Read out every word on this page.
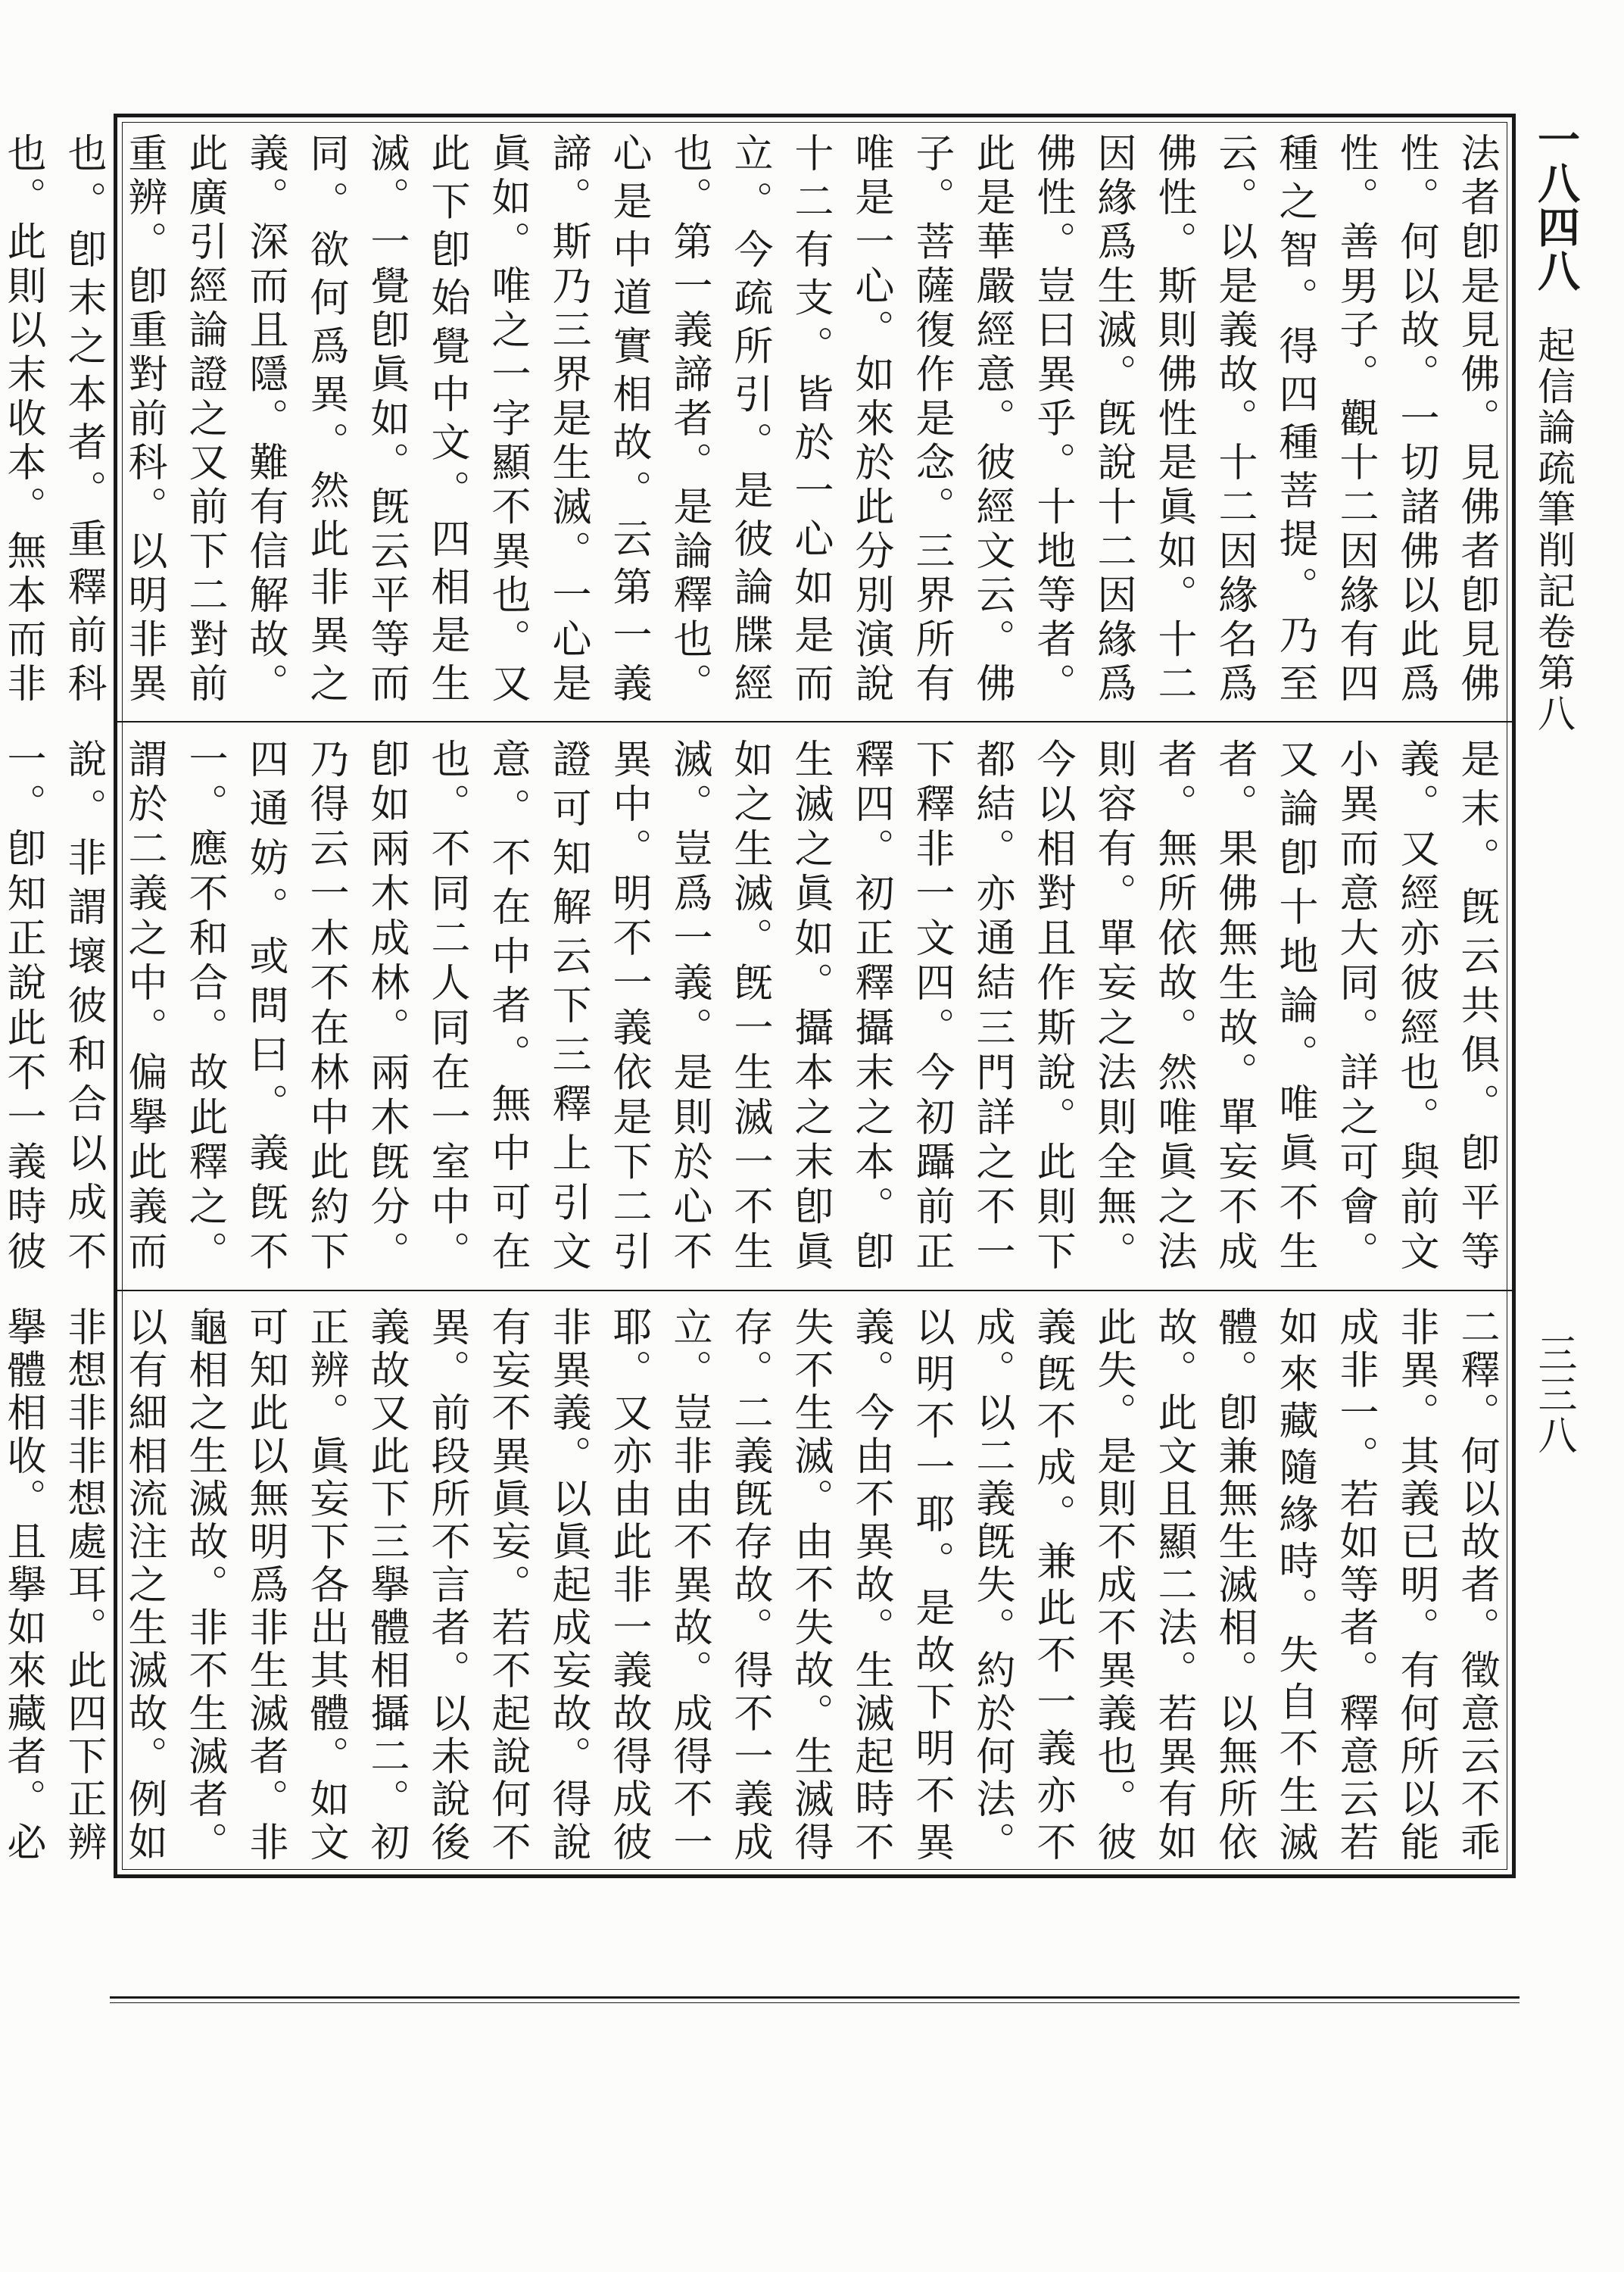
一八四八
起信論疏筆削記卷第八
三三八

法者卽是見佛。見佛者卽見佛性。何以故。一切諸佛以此爲性。善男子。觀十二因緣有四種之智。得四種菩提。乃至云。以是義故。十二因緣名爲佛性。斯則佛性是眞如。十二因緣爲生滅。旣說十二因緣爲佛性。豈曰異乎。十地等者。此是華嚴經意。彼經文云。佛子。菩薩復作是念。三界所有唯是一心。如來於此分別演說十二有支。皆於一心如是而立。今疏所引。是彼論牒經也。第一義諦者。是論釋也。心是中道實相故。云第一義諦。斯乃三界是生滅。一心是眞如。唯之一字顯不異也。又此下卽始覺中文。四相是生滅。一覺卽眞如。旣云平等而同。欲何爲異。然此非異之義。深而且隱。難有信解故。此廣引經論證之又前下二對前重辨。卽重對前科。以明非異也。卽末之本者。重釋前科也。此則以末收本。無本而非

是末。旣云共俱。卽平等義。又經亦彼經也。與前文小異而意大同。詳之可會。又論卽十地論。唯眞不生者。果佛無生故。單妄不成者。無所依故。然唯眞之法則容有。單妄之法則全無。今以相對且作斯說。此則下都結。亦通結三門詳之不一下釋非一文四。今初躡前正釋四。初正釋攝末之本。卽生滅之眞如。攝本之末卽眞如之生滅。旣一生滅一不生滅。豈爲一義。是則於心不異中。明不一義依是下二引證可知解云下三釋上引文意。不在中者。無中可在也。不同二人同在一室中。卽如兩木成林。兩木旣分。乃得云一木不在林中此約下四通妨。或問曰。義旣不一。應不和合。故此釋之。謂於二義之中。偏擧此義而說。非謂壞彼和合以成不一。卽知正說此不一義時彼

二釋。何以故者。徵意云不乖非異。其義已明。有何所以能成非一。若如等者。釋意云若如來藏隨緣時。失自不生滅體。卽兼無生滅相。以無所依故。此文且顯二法。若異有如此失。是則不成不異義也。彼義旣不成。兼此不一義亦不成。以二義旣失。約於何法。以明不一耶。是故下明不異義。今由不異故。生滅起時不失不生滅。由不失故。生滅得存。二義旣存故。得不一義成立。豈非由不異故。成得不一耶。又亦由此非一義故得成彼非異義。以眞起成妄故。得說有妄不異眞妄。若不起說何不異。前段所不言者。以未說後義故又此下三擧體相攝二。初正辨。眞妄下各出其體。如文可知此以無明爲非生滅者。非龜相之生滅故。非不生滅者。以有細相流注之生滅故。例如非想非非想處耳。此四下正辨擧體相收。且擧如來藏者。必
